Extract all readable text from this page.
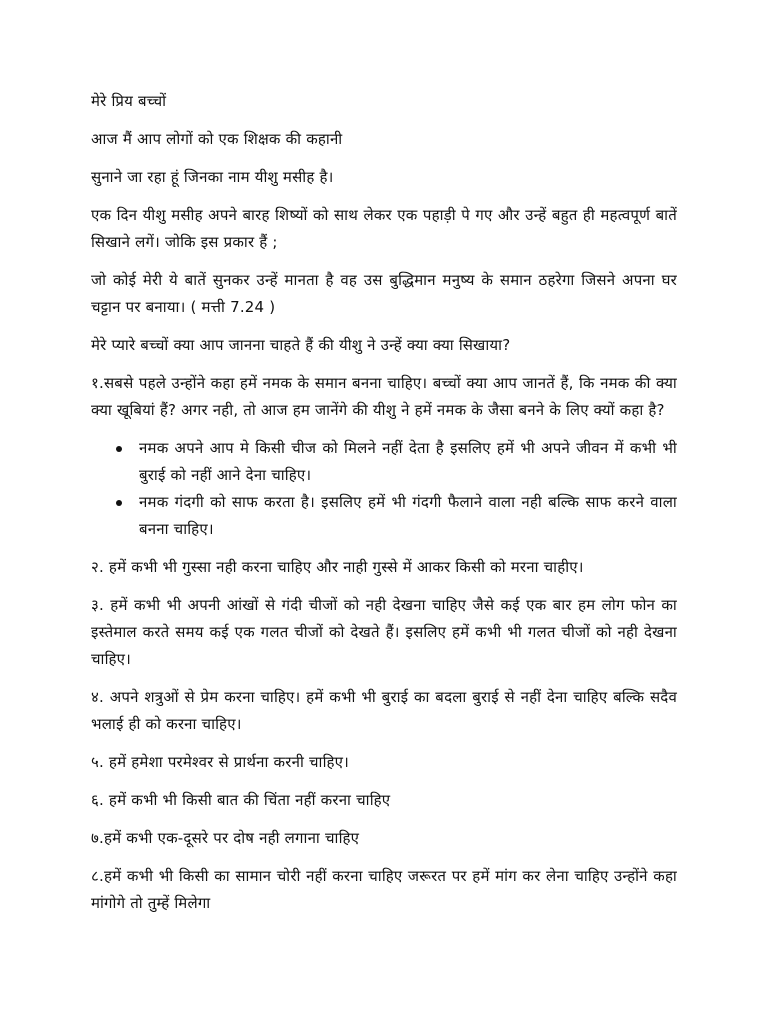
मेरे प्रिय बच्चों

आज मैं आप लोगों को एक शिक्षक की कहानी

सुनाने जा रहा हूं जिनका नाम यीशु मसीह है।

एक दिन यीशु मसीह अपने बारह शिष्यों को साथ लेकर एक पहाड़ी पे गए और उन्हें बहुत ही महत्वपूर्ण बातें सिखाने लगें। जोकि इस प्रकार हैं ;

जो कोई मेरी ये बातें सुनकर उन्हें मानता है वह उस बुद्धिमान मनुष्य के समान ठहरेगा जिसने अपना घर चट्टान पर बनाया। ( मत्ती 7.24 )

मेरे प्यारे बच्चों क्या आप जानना चाहते हैं की यीशु ने उन्हें क्या क्या सिखाया?

१.सबसे पहले उन्होंने कहा हमें नमक के समान बनना चाहिए। बच्चों क्या आप जानतें हैं, कि नमक की क्या क्या खूबियां हैं? अगर नही, तो आज हम जानेंगे की यीशु ने हमें नमक के जैसा बनने के लिए क्यों कहा है?

नमक अपने आप मे किसी चीज को मिलने नहीं देता है इसलिए हमें भी अपने जीवन में कभी भी बुराई को नहीं आने देना चाहिए।
नमक गंदगी को साफ करता है। इसलिए हमें भी गंदगी फैलाने वाला नही बल्कि साफ करने वाला बनना चाहिए।

२. हमें कभी भी गुस्सा नही करना चाहिए और नाही गुस्से में आकर किसी को मरना चाहीए।

३. हमें कभी भी अपनी आंखों से गंदी चीजों को नही देखना चाहिए जैसे कई एक बार हम लोग फोन का इस्तेमाल करते समय कई एक गलत चीजों को देखते हैं। इसलिए हमें कभी भी गलत चीजों को नही देखना चाहिए।

४. अपने शत्रुओं से प्रेम करना चाहिए। हमें कभी भी बुराई का बदला बुराई से नहीं देना चाहिए बल्कि सदैव भलाई ही को करना चाहिए।

५. हमें हमेशा परमेश्वर से प्रार्थना करनी चाहिए।

६. हमें कभी भी किसी बात की चिंता नहीं करना चाहिए

७.हमें कभी एक-दूसरे पर दोष नही लगाना चाहिए

८.हमें कभी भी किसी का सामान चोरी नहीं करना चाहिए जरूरत पर हमें मांग कर लेना चाहिए उन्होंने कहा मांगोगे तो तुम्हें मिलेगा
